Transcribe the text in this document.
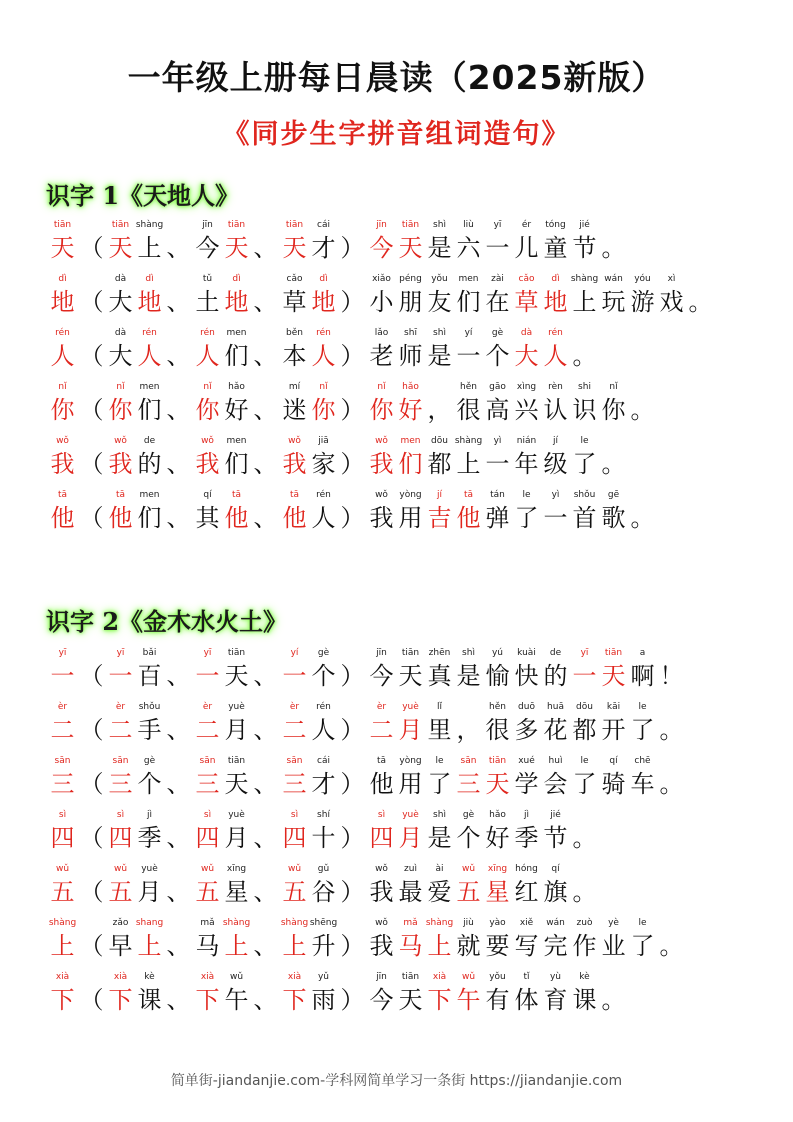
一年级上册每日晨读（2025新版）
《同步生字拼音组词造句》
识字 1《天地人》
tiān
天 （
tiān
天
shàng
上 、
jīn
今
tiān
天 、
tiān
天
cái
才 ）
jīn
今
tiān
天
shì
是
liù
六
yī
一
ér
儿
tóng
童
jié
节 。
dì
地 （
dà
大
dì
地 、
tǔ
土
dì
地 、
cǎo
草
dì
地 ）
xiǎo
小
péng
朋
yǒu
友
men
们
zài
在
cǎo
草
dì
地
shàng
上
wán
玩
yóu
游
xì
戏 。
rén
人 （
dà
大
rén
人 、
rén
人
men
们 、
běn
本
rén
人 ）
lǎo
老
shī
师
shì
是
yí
一
gè
个
dà
大
rén
人 。
nǐ
你 （
nǐ
你
men
们 、
nǐ
你
hǎo
好 、
mí
迷
nǐ
你 ）
nǐ
你
hǎo
好 ，
hěn
很
gāo
高
xìng
兴
rèn
认
shi
识
nǐ
你 。
wǒ
我 （
wǒ
我
de
的 、
wǒ
我
men
们 、
wǒ
我
jiā
家 ）
wǒ
我
men
们
dōu
都
shàng
上
yì
一
nián
年
jí
级
le
了 。
tā
他 （
tā
他
men
们 、
qí
其
tā
他 、
tā
他
rén
人 ）
wǒ
我
yòng
用
jí
吉
tā
他
tán
弹
le
了
yì
一
shǒu
首
gē
歌 。
识字 2《金木水火土》
yī
一 （
yī
一
bǎi
百 、
yī
一
tiān
天 、
yí
一
gè
个 ）
jīn
今
tiān
天
zhēn
真
shì
是
yú
愉
kuài
快
de
的
yī
一
tiān
天
a
啊 ！
èr
二 （
èr
二
shǒu
手 、
èr
二
yuè
月 、
èr
二
rén
人 ）
èr
二
yuè
月
lǐ
里 ，
hěn
很
duō
多
huā
花
dōu
都
kāi
开
le
了 。
sān
三 （
sān
三
gè
个 、
sān
三
tiān
天 、
sān
三
cái
才 ）
tā
他
yòng
用
le
了
sān
三
tiān
天
xué
学
huì
会
le
了
qí
骑
chē
车 。
sì
四 （
sì
四
jì
季 、
sì
四
yuè
月 、
sì
四
shí
十 ）
sì
四
yuè
月
shì
是
gè
个
hǎo
好
jì
季
jié
节 。
wǔ
五 （
wǔ
五
yuè
月 、
wǔ
五
xīng
星 、
wǔ
五
gǔ
谷 ）
wǒ
我
zuì
最
ài
爱
wǔ
五
xīng
星
hóng
红
qí
旗 。
shàng
上 （
zǎo
早
shang
上 、
mǎ
马
shàng
上 、
shàng
上
shēng
升 ）
wǒ
我
mǎ
马
shàng
上
jiù
就
yào
要
xiě
写
wán
完
zuò
作
yè
业
le
了 。
xià
下 （
xià
下
kè
课 、
xià
下
wǔ
午 、
xià
下
yǔ
雨 ）
jīn
今
tiān
天
xià
下
wǔ
午
yǒu
有
tǐ
体
yù
育
kè
课 。
简单街-jiandanjie.com-学科网简单学习一条街 https://jiandanjie.com
